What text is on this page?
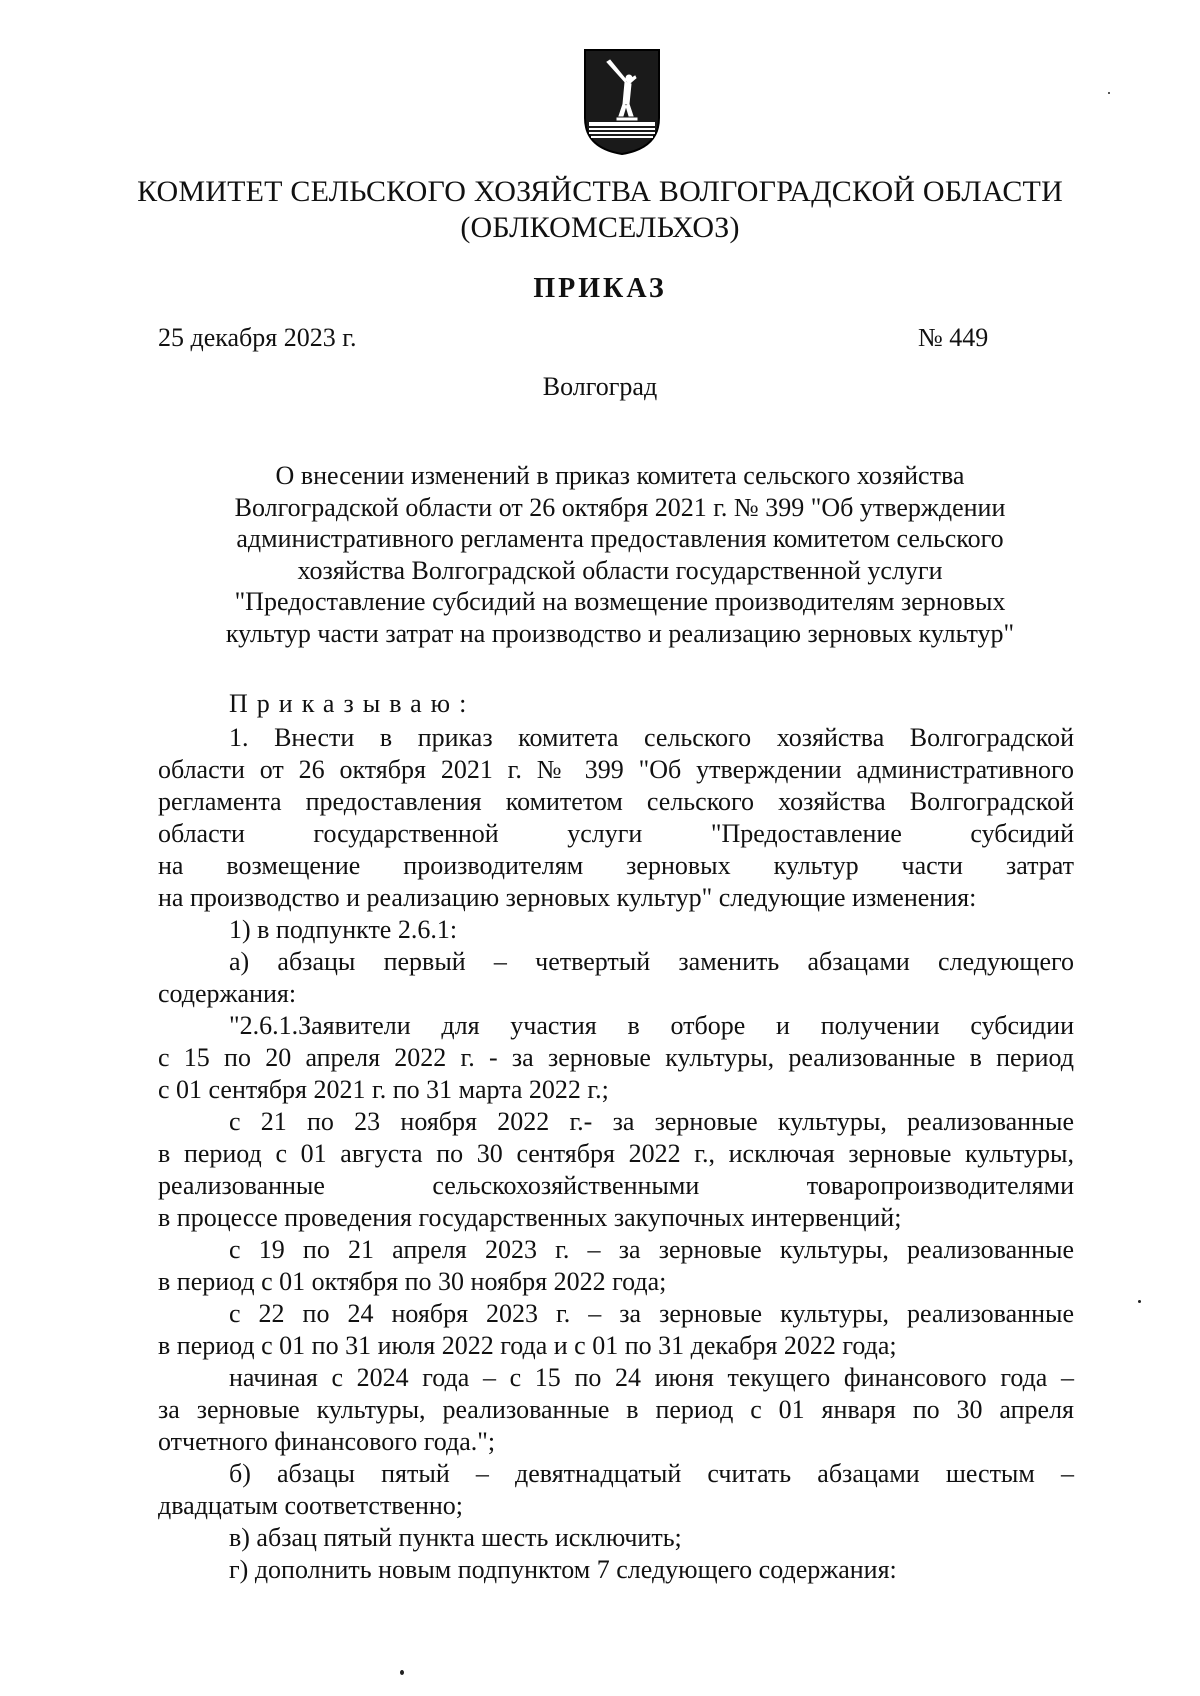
КОМИТЕТ СЕЛЬСКОГО ХОЗЯЙСТВА ВОЛГОГРАДСКОЙ ОБЛАСТИ
(ОБЛКОМСЕЛЬХОЗ)
ПРИКАЗ
25 декабря 2023 г.	№ 449
Волгоград
О внесении изменений в приказ комитета сельского хозяйства
Волгоградской области от 26 октября 2021 г. № 399 "Об утверждении
административного регламента предоставления комитетом сельского
хозяйства Волгоградской области государственной услуги
"Предоставление субсидий на возмещение производителям зерновых
культур части затрат на производство и реализацию зерновых культур"
Приказываю:
1. Внести в приказ комитета сельского хозяйства Волгоградской
области от 26 октября 2021 г. № 399 "Об утверждении административного
регламента предоставления комитетом сельского хозяйства Волгоградской
области государственной услуги "Предоставление субсидий
на возмещение производителям зерновых культур части затрат
на производство и реализацию зерновых культур" следующие изменения:
1) в подпункте 2.6.1:
а) абзацы первый – четвертый заменить абзацами следующего
содержания:
"2.6.1.Заявители для участия в отборе и получении субсидии
с 15 по 20 апреля 2022 г. - за зерновые культуры, реализованные в период
с 01 сентября 2021 г. по 31 марта 2022 г.;
с 21 по 23 ноября 2022 г.- за зерновые культуры, реализованные
в период с 01 августа по 30 сентября 2022 г., исключая зерновые культуры,
реализованные сельскохозяйственными товаропроизводителями
в процессе проведения государственных закупочных интервенций;
с 19 по 21 апреля 2023 г. – за зерновые культуры, реализованные
в период с 01 октября по 30 ноября 2022 года;
с 22 по 24 ноября 2023 г. – за зерновые культуры, реализованные
в период с 01 по 31 июля 2022 года и с 01 по 31 декабря 2022 года;
начиная с 2024 года – с 15 по 24 июня текущего финансового года –
за зерновые культуры, реализованные в период с 01 января по 30 апреля
отчетного финансового года.";
б) абзацы пятый – девятнадцатый считать абзацами шестым –
двадцатым соответственно;
в) абзац пятый пункта шесть исключить;
г) дополнить новым подпунктом 7 следующего содержания:
